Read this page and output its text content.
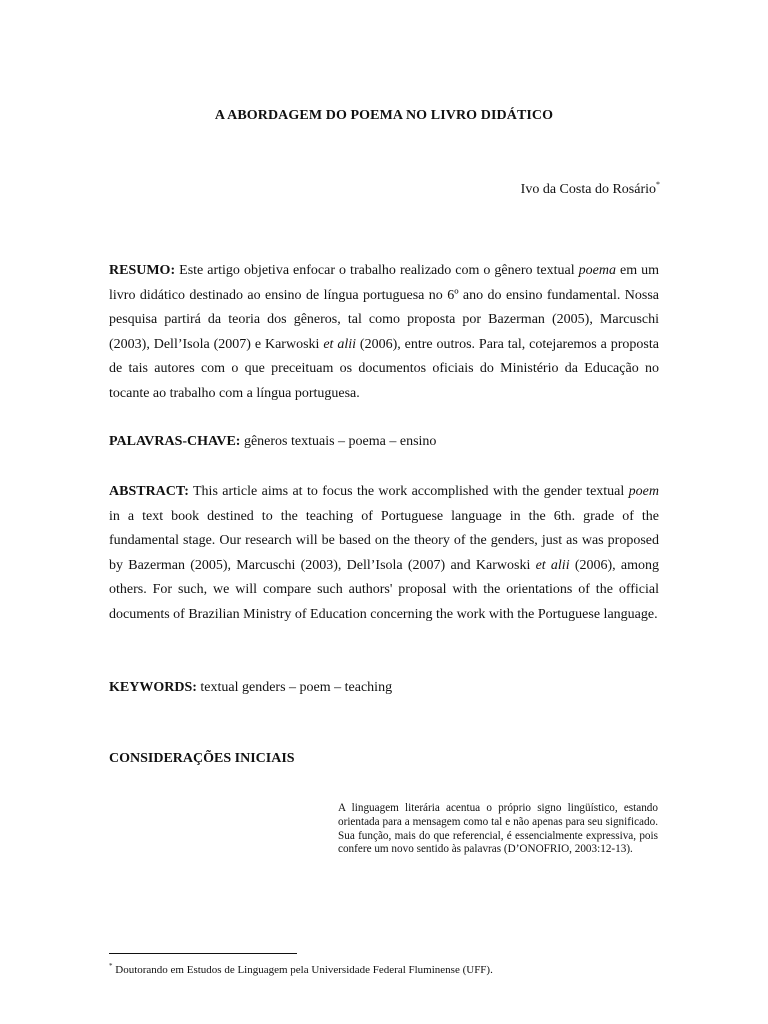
A ABORDAGEM DO POEMA NO LIVRO DIDÁTICO
Ivo da Costa do Rosário*
RESUMO: Este artigo objetiva enfocar o trabalho realizado com o gênero textual poema em um livro didático destinado ao ensino de língua portuguesa no 6º ano do ensino fundamental. Nossa pesquisa partirá da teoria dos gêneros, tal como proposta por Bazerman (2005), Marcuschi (2003), Dell’Isola (2007) e Karwoski et alii (2006), entre outros. Para tal, cotejaremos a proposta de tais autores com o que preceituam os documentos oficiais do Ministério da Educação no tocante ao trabalho com a língua portuguesa.
PALAVRAS-CHAVE: gêneros textuais – poema – ensino
ABSTRACT: This article aims at to focus the work accomplished with the gender textual poem in a text book destined to the teaching of Portuguese language in the 6th. grade of the fundamental stage. Our research will be based on the theory of the genders, just as was proposed by Bazerman (2005), Marcuschi (2003), Dell’Isola (2007) and Karwoski et alii (2006), among others. For such, we will compare such authors' proposal with the orientations of the official documents of Brazilian Ministry of Education concerning the work with the Portuguese language.
KEYWORDS: textual genders – poem – teaching
CONSIDERAÇÕES INICIAIS
A linguagem literária acentua o próprio signo lingüístico, estando orientada para a mensagem como tal e não apenas para seu significado. Sua função, mais do que referencial, é essencialmente expressiva, pois confere um novo sentido às palavras (D’ONOFRIO, 2003:12-13).
* Doutorando em Estudos de Linguagem pela Universidade Federal Fluminense (UFF).
